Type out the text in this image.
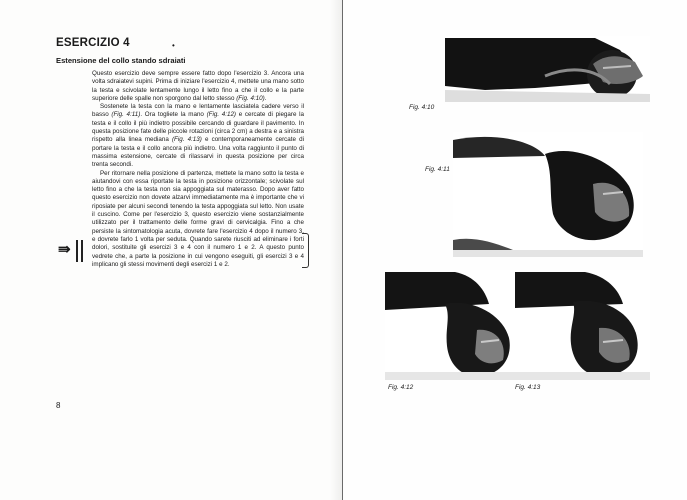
ESERCIZIO 4	•
Estensione del collo stando sdraiati

Questo esercizio deve sempre essere fatto dopo l'esercizio 3. Ancora una volta sdraiatevi supini. Prima di iniziare l'esercizio 4, mettete una mano sotto la testa e scivolate lentamente lungo il letto fino a che il collo e la parte superiore delle spalle non sporgono dal letto stesso (Fig. 4:10).

Sostenete la testa con la mano e lentamente lasciatela cadere verso il basso (Fig. 4:11). Ora togliete la mano (Fig. 4:12) e cercate di piegare la testa e il collo il più indietro possibile cercando di guardare il pavimento. In questa posizione fate delle piccole rotazioni (circa 2 cm) a destra e a sinistra rispetto alla linea mediana (Fig. 4:13) e contemporaneamente cercate di portare la testa e il collo ancora più indietro. Una volta raggiunto il punto di massima estensione, cercate di rilassarvi in questa posizione per circa trenta secondi.

Per ritornare nella posizione di partenza, mettete la mano sotto la testa e aiutandovi con essa riportate la testa in posizione orizzontale; scivolate sul letto fino a che la testa non sia appoggiata sul materasso. Dopo aver fatto questo esercizio non dovete alzarvi immediatamente ma è importante che vi riposiate per alcuni secondi tenendo la testa appoggiata sul letto. Non usate il cuscino. Come per l'esercizio 3, questo esercizio viene sostanzialmente utilizzato per il trattamento delle forme gravi di cervicalgia. Fino a che persiste la sintomatologia acuta, dovrete fare l'esercizio 4 dopo il numero 3, e dovrete farlo 1 volta per seduta. Quando sarete riusciti ad eliminare i forti dolori, sostituite gli esercizi 3 e 4 con il numero 1 e 2. A questo punto vedrete che, a parte la posizione in cui vengono eseguiti, gli esercizi 3 e 4 implicano gli stessi movimenti degli esercizi 1 e 2.

⇛
8
Fig. 4:10
Fig. 4:11
Fig. 4:12	Fig. 4:13
